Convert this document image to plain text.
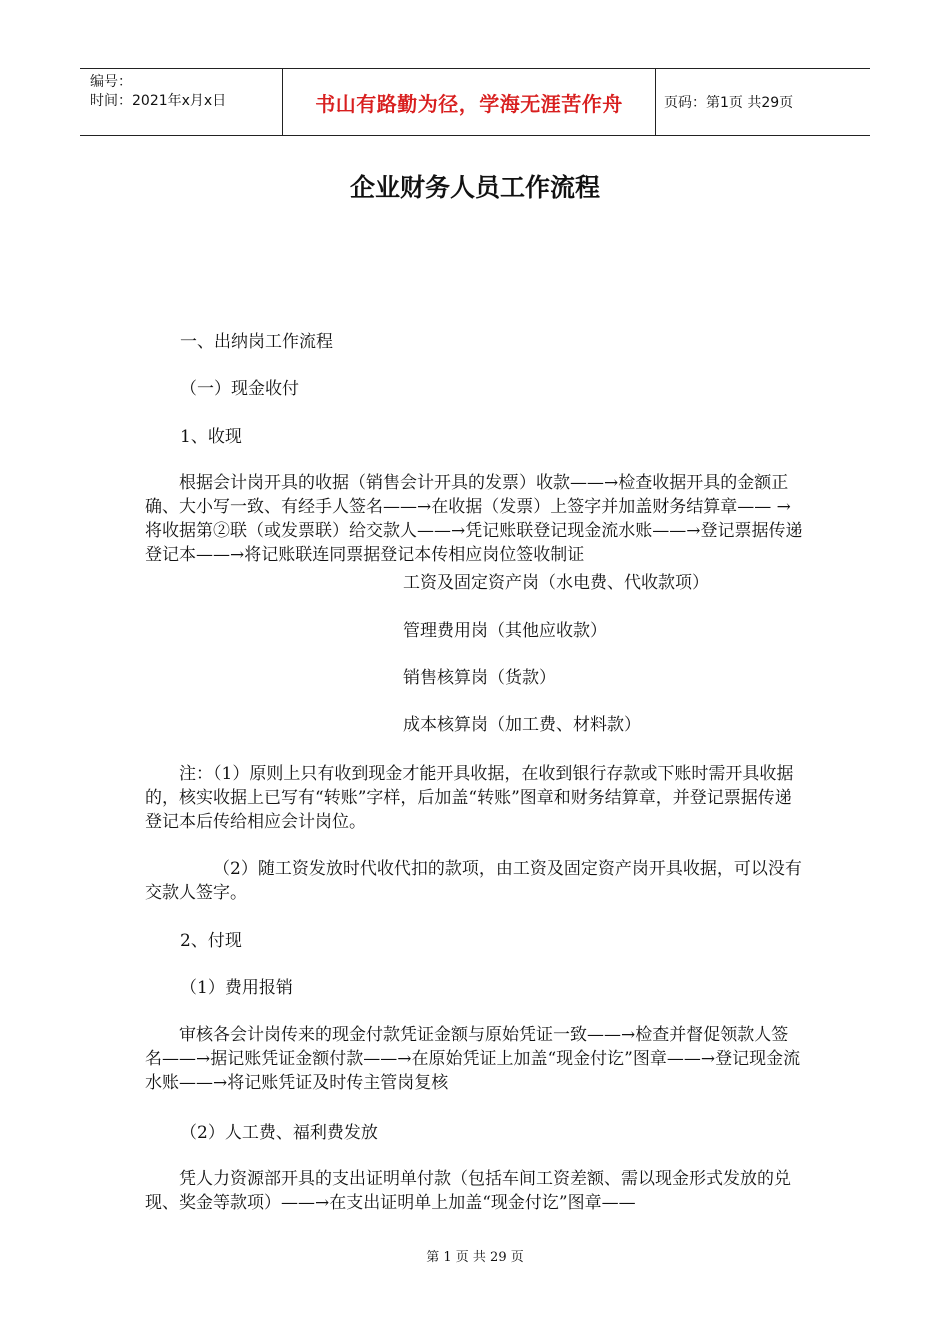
编号：
时间：2021年x月x日	书山有路勤为径，学海无涯苦作舟	页码：第1页 共29页
企业财务人员工作流程

一、出纳岗工作流程

（一）现金收付

1、收现

根据会计岗开具的收据（销售会计开具的发票）收款——→检查收据开具的金额正确、大小写一致、有经手人签名——→在收据（发票）上签字并加盖财务结算章—— →将收据第②联（或发票联）给交款人——→凭记账联登记现金流水账——→登记票据传递登记本——→将记账联连同票据登记本传相应岗位签收制证

工资及固定资产岗（水电费、代收款项）

管理费用岗（其他应收款）

销售核算岗（货款）

成本核算岗（加工费、材料款）

注：（1）原则上只有收到现金才能开具收据，在收到银行存款或下账时需开具收据的，核实收据上已写有“转账”字样，后加盖“转账”图章和财务结算章，并登记票据传递登记本后传给相应会计岗位。

（2）随工资发放时代收代扣的款项，由工资及固定资产岗开具收据，可以没有交款人签字。

2、付现

（1）费用报销

审核各会计岗传来的现金付款凭证金额与原始凭证一致——→检查并督促领款人签名——→据记账凭证金额付款——→在原始凭证上加盖“现金付讫”图章——→登记现金流水账——→将记账凭证及时传主管岗复核

（2）人工费、福利费发放

凭人力资源部开具的支出证明单付款（包括车间工资差额、需以现金形式发放的兑现、奖金等款项）——→在支出证明单上加盖“现金付讫”图章——

第 1 页 共 29 页
